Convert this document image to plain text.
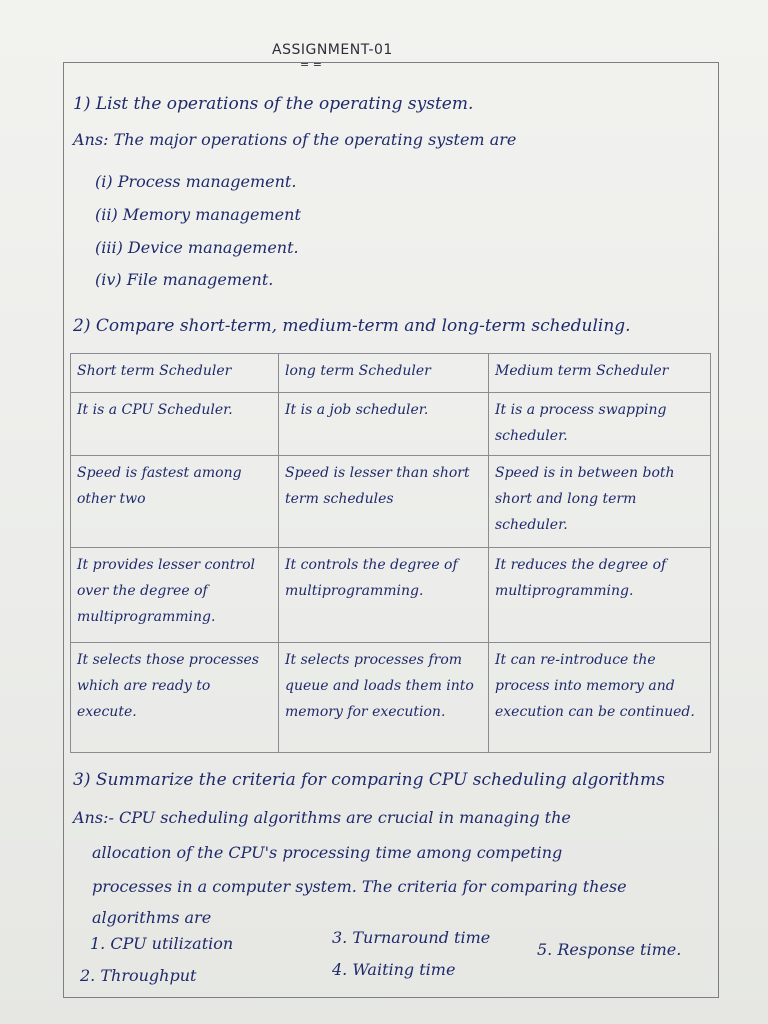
ASSIGNMENT-01
= =
1) List the operations of the operating system.
Ans: The major operations of the operating system are
(i) Process management.
(ii) Memory management
(iii) Device management.
(iv) File management.
2) Compare short-term, medium-term and long-term scheduling.
Short term Scheduler	long term Scheduler	Medium term Scheduler
It is a CPU Scheduler.	It is a job scheduler.	It is a process swapping scheduler.
Speed is fastest among other two	Speed is lesser than short term schedules	Speed is in between both short and long term scheduler.
It provides lesser control over the degree of multiprogramming.	It controls the degree of multiprogramming.	It reduces the degree of multiprogramming.
It selects those processes which are ready to execute.	It selects processes from queue and loads them into memory for execution.	It can re-introduce the process into memory and execution can be continued.
3) Summarize the criteria for comparing CPU scheduling algorithms
Ans:- CPU scheduling algorithms are crucial in managing the
allocation of the CPU's processing time among competing
processes in a computer system. The criteria for comparing these
algorithms are
1. CPU utilization
2. Throughput
3. Turnaround time
4. Waiting time
5. Response time.
